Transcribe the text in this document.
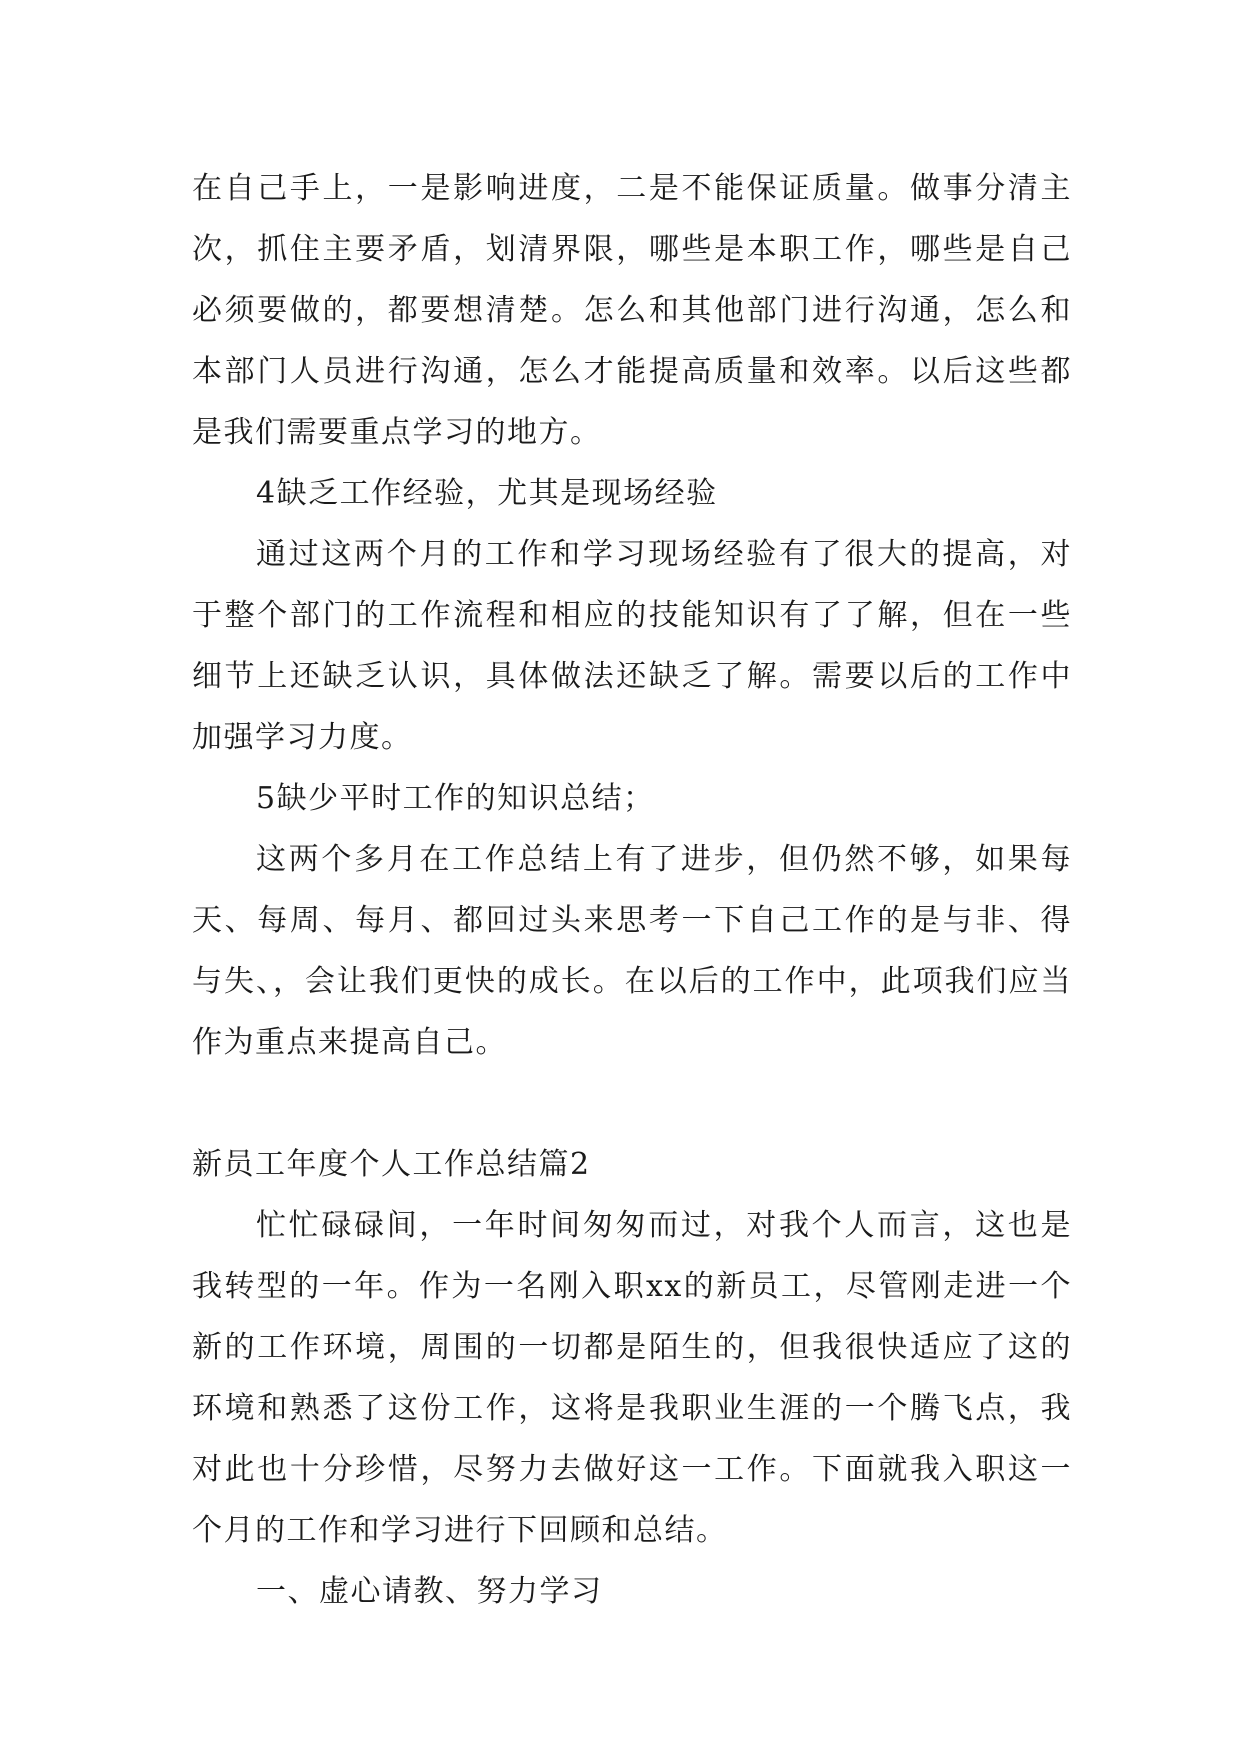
在自己手上，一是影响进度，二是不能保证质量。做事分清主次，抓住主要矛盾，划清界限，哪些是本职工作，哪些是自己必须要做的，都要想清楚。怎么和其他部门进行沟通，怎么和本部门人员进行沟通，怎么才能提高质量和效率。以后这些都是我们需要重点学习的地方。

4缺乏工作经验，尤其是现场经验

通过这两个月的工作和学习现场经验有了很大的提高，对于整个部门的工作流程和相应的技能知识有了了解，但在一些细节上还缺乏认识，具体做法还缺乏了解。需要以后的工作中加强学习力度。

5缺少平时工作的知识总结；

这两个多月在工作总结上有了进步，但仍然不够，如果每天、每周、每月、都回过头来思考一下自己工作的是与非、得与失、，会让我们更快的成长。在以后的工作中，此项我们应当作为重点来提高自己。

新员工年度个人工作总结篇2

忙忙碌碌间，一年时间匆匆而过，对我个人而言，这也是我转型的一年。作为一名刚入职xx的新员工，尽管刚走进一个新的工作环境，周围的一切都是陌生的，但我很快适应了这的环境和熟悉了这份工作，这将是我职业生涯的一个腾飞点，我对此也十分珍惜，尽努力去做好这一工作。下面就我入职这一个月的工作和学习进行下回顾和总结。

一、虚心请教、努力学习
